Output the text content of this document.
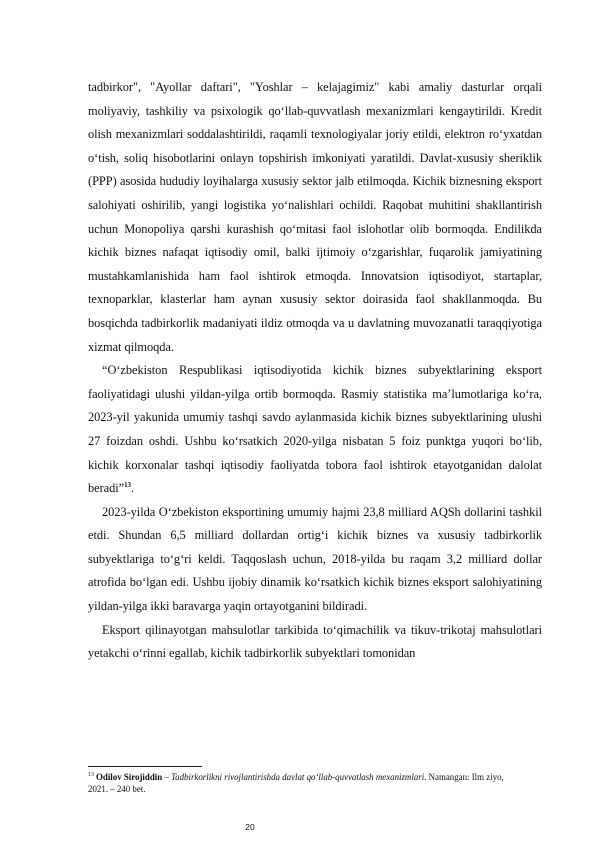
tadbirkor", "Ayollar daftari", "Yoshlar – kelajagimiz" kabi amaliy dasturlar orqali moliyaviy, tashkiliy va psixologik qo‘llab-quvvatlash mexanizmlari kengaytirildi. Kredit olish mexanizmlari soddalashtirildi, raqamli texnologiyalar joriy etildi, elektron ro‘yxatdan o‘tish, soliq hisobotlarini onlayn topshirish imkoniyati yaratildi. Davlat-xususiy sheriklik (PPP) asosida hududiy loyihalarga xususiy sektor jalb etilmoqda. Kichik biznesning eksport salohiyati oshirilib, yangi logistika yo‘nalishlari ochildi. Raqobat muhitini shakllantirish uchun Monopoliya qarshi kurashish qo‘mitasi faol islohotlar olib bormoqda. Endilikda kichik biznes nafaqat iqtisodiy omil, balki ijtimoiy o‘zgarishlar, fuqarolik jamiyatining mustahkamlanishida ham faol ishtirok etmoqda. Innovatsion iqtisodiyot, startaplar, texnoparklar, klasterlar ham aynan xususiy sektor doirasida faol shakllanmoqda. Bu bosqichda tadbirkorlik madaniyati ildiz otmoqda va u davlatning muvozanatli taraqqiyotiga xizmat qilmoqda.

“O‘zbekiston Respublikasi iqtisodiyotida kichik biznes subyektlarining eksport faoliyatidagi ulushi yildan-yilga ortib bormoqda. Rasmiy statistika ma’lumotlariga ko‘ra, 2023-yil yakunida umumiy tashqi savdo aylanmasida kichik biznes subyektlarining ulushi 27 foizdan oshdi. Ushbu ko‘rsatkich 2020-yilga nisbatan 5 foiz punktga yuqori bo‘lib, kichik korxonalar tashqi iqtisodiy faoliyatda tobora faol ishtirok etayotganidan dalolat beradi”$^{13}$.

2023-yilda O‘zbekiston eksportining umumiy hajmi 23,8 milliard AQSh dollarini tashkil etdi. Shundan 6,5 milliard dollardan ortig‘i kichik biznes va xususiy tadbirkorlik subyektlariga to‘g‘ri keldi. Taqqoslash uchun, 2018-yilda bu raqam 3,2 milliard dollar atrofida bo‘lgan edi. Ushbu ijobiy dinamik ko‘rsatkich kichik biznes eksport salohiyatining yildan-yilga ikki baravarga yaqin ortayotganini bildiradi.

Eksport qilinayotgan mahsulotlar tarkibida to‘qimachilik va tikuv-trikotaj mahsulotlari yetakchi o‘rinni egallab, kichik tadbirkorlik subyektlari tomonidan

$^{13}$ Odilov Sirojiddin – Tadbirkorlikni rivojlantirishda davlat qo‘llab-quvvatlash mexanizmlari. Namangan: Ilm ziyo, 2021. – 240 bet.
20
